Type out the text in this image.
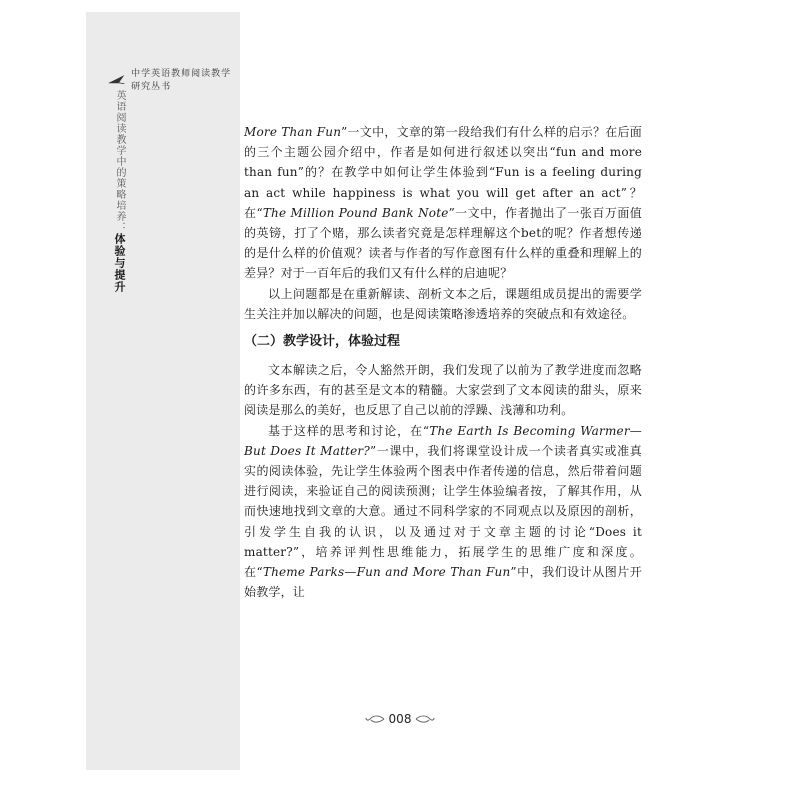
中学英语教师阅读教学研究丛书
英语阅读教学中的策略培养：体验与提升

More Than Fun”一文中，文章的第一段给我们有什么样的启示？在后面的三个主题公园介绍中，作者是如何进行叙述以突出“fun and more than fun”的？在教学中如何让学生体验到“Fun is a feeling during an act while happiness is what you will get after an act”？在“The Million Pound Bank Note”一文中，作者抛出了一张百万面值的英镑，打了个赌，那么读者究竟是怎样理解这个bet的呢？作者想传递的是什么样的价值观？读者与作者的写作意图有什么样的重叠和理解上的差异？对于一百年后的我们又有什么样的启迪呢？

以上问题都是在重新解读、剖析文本之后，课题组成员提出的需要学生关注并加以解决的问题，也是阅读策略渗透培养的突破点和有效途径。

（二）教学设计，体验过程

文本解读之后，令人豁然开朗，我们发现了以前为了教学进度而忽略的许多东西，有的甚至是文本的精髓。大家尝到了文本阅读的甜头，原来阅读是那么的美好，也反思了自己以前的浮躁、浅薄和功利。

基于这样的思考和讨论，在“The Earth Is Becoming Warmer—But Does It Matter?”一课中，我们将课堂设计成一个读者真实或准真实的阅读体验，先让学生体验两个图表中作者传递的信息，然后带着问题进行阅读，来验证自己的阅读预测；让学生体验编者按，了解其作用，从而快速地找到文章的大意。通过不同科学家的不同观点以及原因的剖析，引发学生自我的认识，以及通过对于文章主题的讨论“Does it matter?”，培养评判性思维能力，拓展学生的思维广度和深度。在“Theme Parks—Fun and More Than Fun”中，我们设计从图片开始教学，让

008
